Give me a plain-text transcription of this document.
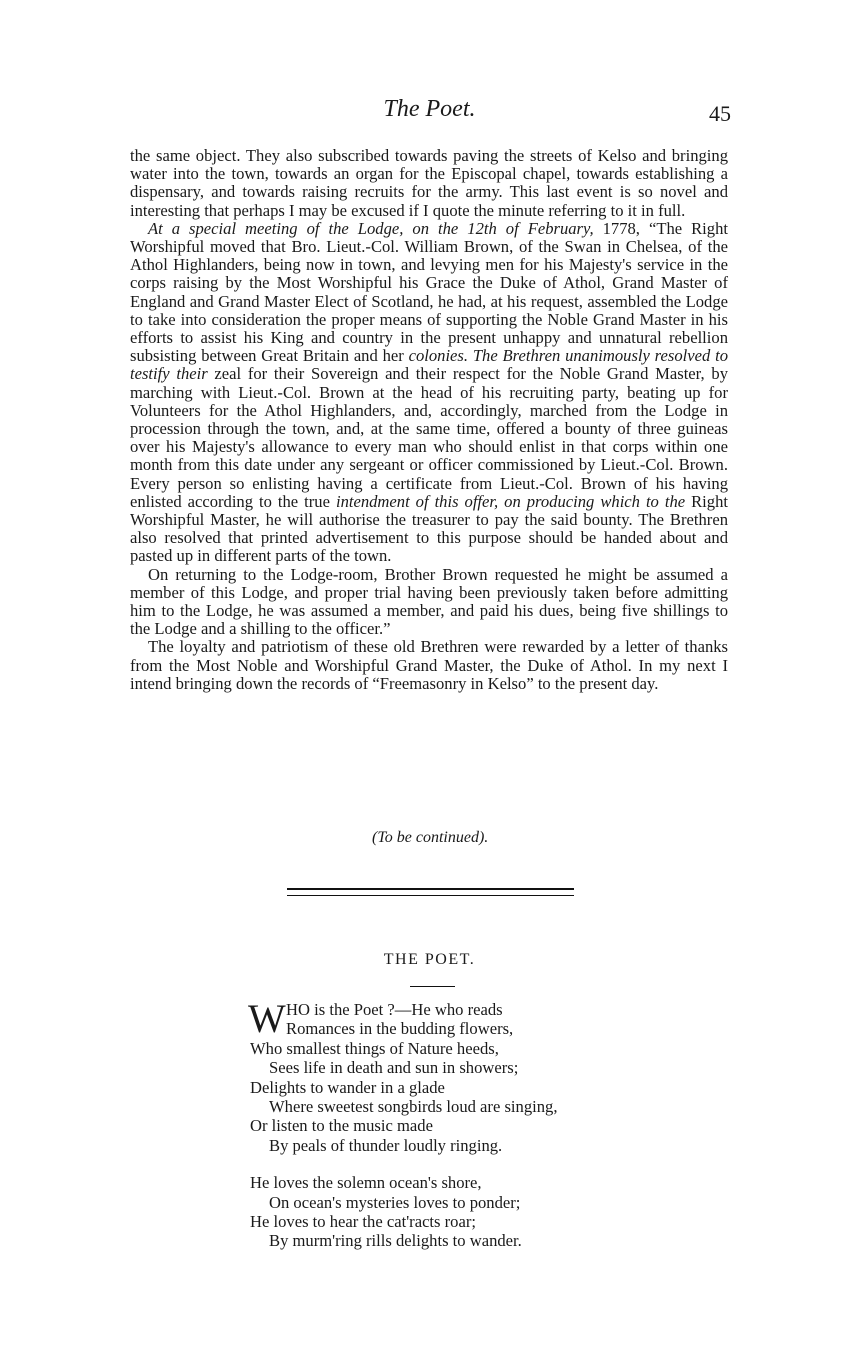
The Poet.	45

the same object. They also subscribed towards paving the streets of Kelso and bringing water into the town, towards an organ for the Episcopal chapel, towards establishing a dispensary, and towards raising recruits for the army. This last event is so novel and interesting that perhaps I may be excused if I quote the minute referring to it in full.

At a special meeting of the Lodge, on the 12th of February, 1778, “The Right Worshipful moved that Bro. Lieut.-Col. William Brown, of the Swan in Chelsea, of the Athol Highlanders, being now in town, and levying men for his Majesty's service in the corps raising by the Most Worshipful his Grace the Duke of Athol, Grand Master of England and Grand Master Elect of Scotland, he had, at his request, assembled the Lodge to take into consideration the proper means of supporting the Noble Grand Master in his efforts to assist his King and country in the present unhappy and unnatural rebellion subsisting between Great Britain and her colonies. The Brethren unanimously resolved to testify their zeal for their Sovereign and their respect for the Noble Grand Master, by marching with Lieut.-Col. Brown at the head of his recruiting party, beating up for Volunteers for the Athol Highlanders, and, accordingly, marched from the Lodge in procession through the town, and, at the same time, offered a bounty of three guineas over his Majesty's allowance to every man who should enlist in that corps within one month from this date under any sergeant or officer commissioned by Lieut.-Col. Brown. Every person so enlisting having a certificate from Lieut.-Col. Brown of his having enlisted according to the true intendment of this offer, on producing which to the Right Worshipful Master, he will authorise the treasurer to pay the said bounty. The Brethren also resolved that printed advertisement to this purpose should be handed about and pasted up in different parts of the town.

On returning to the Lodge-room, Brother Brown requested he might be assumed a member of this Lodge, and proper trial having been previously taken before admitting him to the Lodge, he was assumed a member, and paid his dues, being five shillings to the Lodge and a shilling to the officer.”

The loyalty and patriotism of these old Brethren were rewarded by a letter of thanks from the Most Noble and Worshipful Grand Master, the Duke of Athol. In my next I intend bringing down the records of “Freemasonry in Kelso” to the present day.

(To be continued).
THE POET.
W HO is the Poet ?—He who reads
Romances in the budding flowers,
Who smallest things of Nature heeds,
Sees life in death and sun in showers;
Delights to wander in a glade
Where sweetest songbirds loud are singing,
Or listen to the music made
By peals of thunder loudly ringing.
He loves the solemn ocean's shore,
On ocean's mysteries loves to ponder;
He loves to hear the cat'racts roar;
By murm'ring rills delights to wander.
